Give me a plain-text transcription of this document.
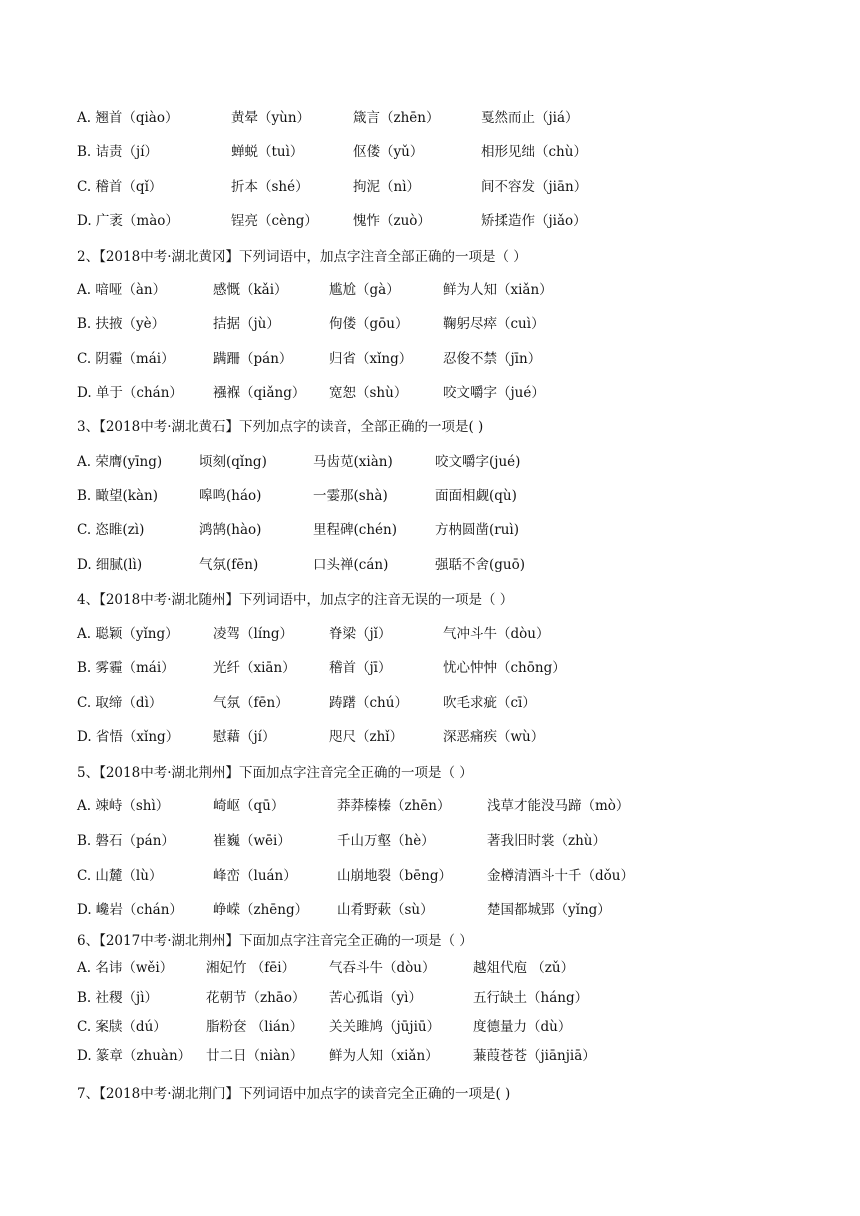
A. 翘首（qiào）	黄晕（yùn）	箴言（zhēn）	戛然而止（jiá）
B. 诘责（jí）	蝉蜕（tuì）	伛偻（yǔ）	相形见绌（chù）
C. 稽首（qǐ）	折本（shé）	拘泥（nì）	间不容发（jiān）
D. 广袤（mào）	锃亮（cèng）	愧怍（zuò）	矫揉造作（jiǎo）
2、【2018中考·湖北黄冈】下列词语中，加点字注音全部正确的一项是（ ）
A. 喑哑（àn）	感慨（kǎi）	尴尬（gà）	鲜为人知（xiǎn）
B. 扶掖（yè）	拮据（jù）	佝偻（gōu）	鞠躬尽瘁（cuì）
C. 阴霾（mái）	蹒跚（pán）	归省（xǐng） 忍俊不禁（jīn）
D. 单于（chán） 襁褓（qiǎng） 宽恕（shù）	咬文嚼字（jué）
3、【2018中考·湖北黄石】下列加点字的读音，全部正确的一项是( )
A. 荣膺(yīng)	顷刻(qǐng)	马齿苋(xiàn)	咬文嚼字(jué)
B. 瞰望(kàn)	嗥鸣(háo)	一霎那(shà)	面面相觑(qù)
C. 恣睢(zì)	鸿鹄(hào)	里程碑(chén)	方枘圆凿(ruì)
D. 细腻(lì)	气氛(fēn)	口头禅(cán)	强聒不舍(guō)
4、【2018中考·湖北随州】下列词语中，加点字的注音无误的一项是（ ）
A. 聪颖（yǐng）	凌驾（líng）	脊梁（jǐ）	气冲斗牛（dòu）
B. 雾霾（mái）	光纤（xiān） 稽首（jī）	忧心忡忡（chōng）
C. 取缔（dì）	气氛（fēn）	踌躇（chú）	吹毛求疵（cī）
D. 省悟（xǐng）	慰藉（jí）	咫尺（zhǐ）	深恶痛疾（wù）
5、【2018中考·湖北荆州】下面加点字注音完全正确的一项是（ ）
A. 竦峙（shì）	崎岖（qū）	莽莽榛榛（zhēn）	浅草才能没马蹄（mò）
B. 磐石（pán）	崔巍（wēi）	千山万壑（hè）	著我旧时裳（zhù）
C. 山麓（lù）	峰峦（luán）	山崩地裂（bēng）	金樽清酒斗十千（dǒu）
D. 巉岩（chán） 峥嵘（zhēng） 山肴野蔌（sù）	楚国都城郢（yǐng）
6、【2017中考·湖北荆州】下面加点字注音完全正确的一项是（ ）
A. 名讳（wěi） 湘妃竹 （fēi）	气吞斗牛（dòu）	越俎代庖 （zǔ）
B. 社稷（jì）	花朝节（zhāo） 苦心孤诣（yì）	五行缺土（háng）
C. 案牍（dú）	脂粉奁 （lián） 关关雎鸠（jūjiū） 度德量力（dù）
D. 篆章（zhuàn） 廿二日（niàn） 鲜为人知（xiǎn）	蒹葭苍苍（jiānjiā）
7、【2018中考·湖北荆门】下列词语中加点字的读音完全正确的一项是( )
